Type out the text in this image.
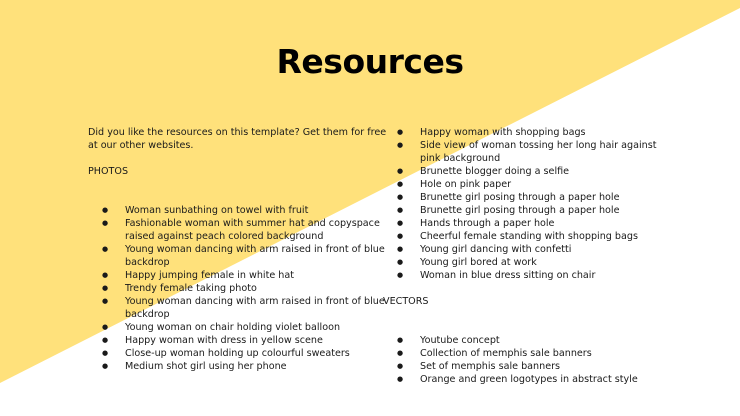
Resources

Did you like the resources on this template? Get them for free at our other websites.

PHOTOS

● Woman sunbathing on towel with fruit
● Fashionable woman with summer hat and copyspace raised against peach colored background
● Young woman dancing with arm raised in front of blue backdrop
● Happy jumping female in white hat
● Trendy female taking photo
● Young woman dancing with arm raised in front of blue backdrop
● Young woman on chair holding violet balloon
● Happy woman with dress in yellow scene
● Close-up woman holding up colourful sweaters
● Medium shot girl using her phone
● Happy woman with shopping bags
● Side view of woman tossing her long hair against pink background
● Brunette blogger doing a selfie
● Hole on pink paper
● Brunette girl posing through a paper hole
● Brunette girl posing through a paper hole
● Hands through a paper hole
● Cheerful female standing with shopping bags
● Young girl dancing with confetti
● Young girl bored at work
● Woman in blue dress sitting on chair

VECTORS

● Youtube concept
● Collection of memphis sale banners
● Set of memphis sale banners
● Orange and green logotypes in abstract style
